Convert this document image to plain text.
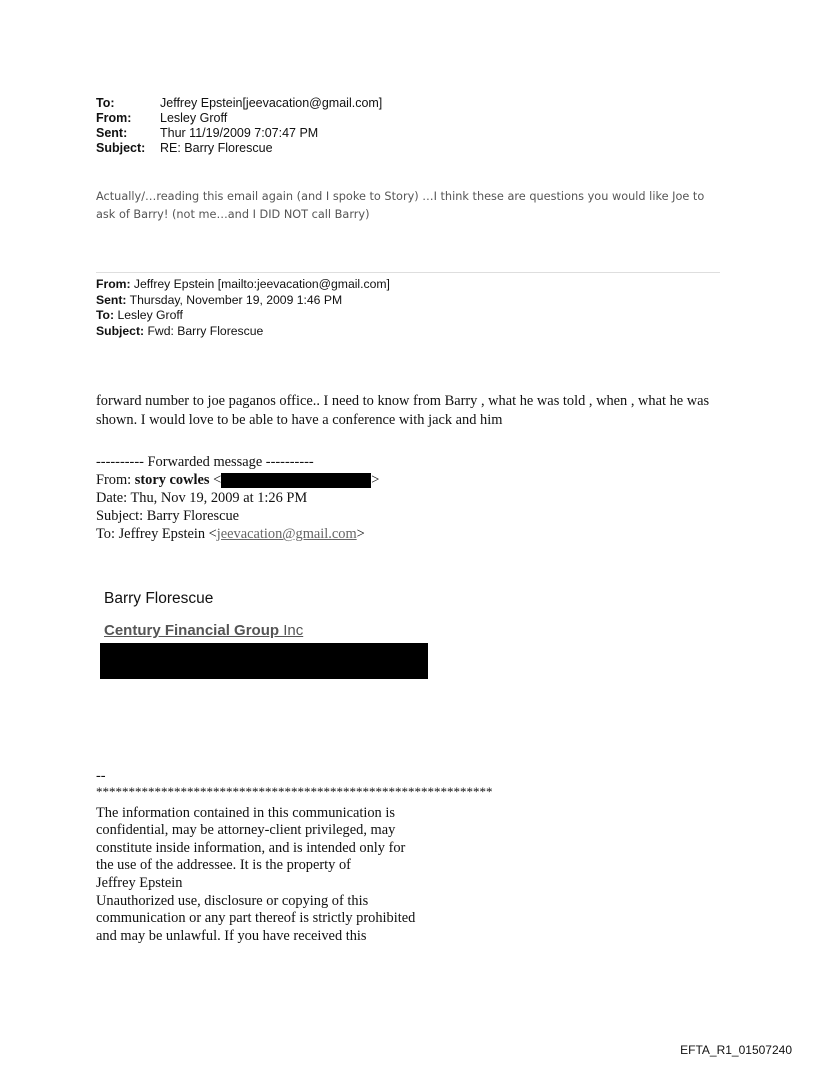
To:	Jeffrey Epstein[jeevacation@gmail.com]
From:	Lesley Groff
Sent:	Thur 11/19/2009 7:07:47 PM
Subject:	RE: Barry Florescue
Actually/…reading this email again (and I spoke to Story) …I think these are questions you would like Joe to ask of Barry! (not me…and I DID NOT call Barry)
From: Jeffrey Epstein [mailto:jeevacation@gmail.com]
Sent: Thursday, November 19, 2009 1:46 PM
To: Lesley Groff
Subject: Fwd: Barry Florescue
forward number to joe paganos office.. I need to know from Barry , what he was told , when , what he was shown. I would love to be able to have a conference with jack and him
---------- Forwarded message ----------
From: story cowles <	>
Date: Thu, Nov 19, 2009 at 1:26 PM
Subject: Barry Florescue
To: Jeffrey Epstein <jeevacation@gmail.com>
Barry Florescue
Century Financial Group Inc
--
*************************************************************
The information contained in this communication is
confidential, may be attorney-client privileged, may
constitute inside information, and is intended only for
the use of the addressee. It is the property of
Jeffrey Epstein
Unauthorized use, disclosure or copying of this
communication or any part thereof is strictly prohibited
and may be unlawful. If you have received this
EFTA_R1_01507240
